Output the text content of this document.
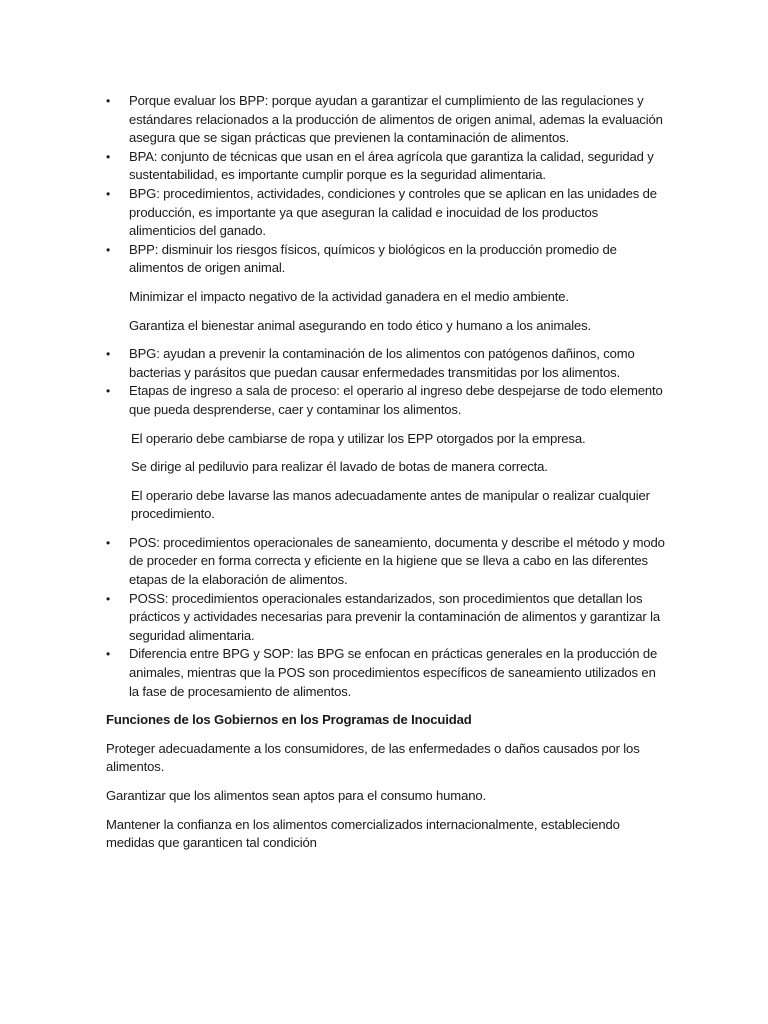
•	Porque evaluar los BPP: porque ayudan a garantizar el cumplimiento de las regulaciones y estándares relacionados a la producción de alimentos de origen animal, ademas la evaluación asegura que se sigan prácticas que previenen la contaminación de alimentos.
•	BPA: conjunto de técnicas que usan en el área agrícola que garantiza la calidad, seguridad y sustentabilidad, es importante cumplir porque es la seguridad alimentaria.
•	BPG: procedimientos, actividades, condiciones y controles que se aplican en las unidades de producción, es importante ya que aseguran la calidad e inocuidad de los productos alimenticios del ganado.
•	BPP: disminuir los riesgos físicos, químicos y biológicos en la producción promedio de alimentos de origen animal.

Minimizar el impacto negativo de la actividad ganadera en el medio ambiente.

Garantiza el bienestar animal asegurando en todo ético y humano a los animales.

•	BPG: ayudan a prevenir la contaminación de los alimentos con patógenos dañinos, como bacterias y parásitos que puedan causar enfermedades transmitidas por los alimentos.
•	Etapas de ingreso a sala de proceso: el operario al ingreso debe despejarse de todo elemento que pueda desprenderse, caer y contaminar los alimentos.

El operario debe cambiarse de ropa y utilizar los EPP otorgados por la empresa.

Se dirige al pediluvio para realizar él lavado de botas de manera correcta.

El operario debe lavarse las manos adecuadamente antes de manipular o realizar cualquier procedimiento.

•	POS: procedimientos operacionales de saneamiento, documenta y describe el método y modo de proceder en forma correcta y eficiente en la higiene que se lleva a cabo en las diferentes etapas de la elaboración de alimentos.
•	POSS: procedimientos operacionales estandarizados, son procedimientos que detallan los prácticos y actividades necesarias para prevenir la contaminación de alimentos y garantizar la seguridad alimentaria.
•	Diferencia entre BPG y SOP: las BPG se enfocan en prácticas generales en la producción de animales, mientras que la POS son procedimientos específicos de saneamiento utilizados en la fase de procesamiento de alimentos.

Funciones de los Gobiernos en los Programas de Inocuidad

Proteger adecuadamente a los consumidores, de las enfermedades o daños causados por los alimentos.

Garantizar que los alimentos sean aptos para el consumo humano.

Mantener la confianza en los alimentos comercializados internacionalmente, estableciendo medidas que garanticen tal condición
